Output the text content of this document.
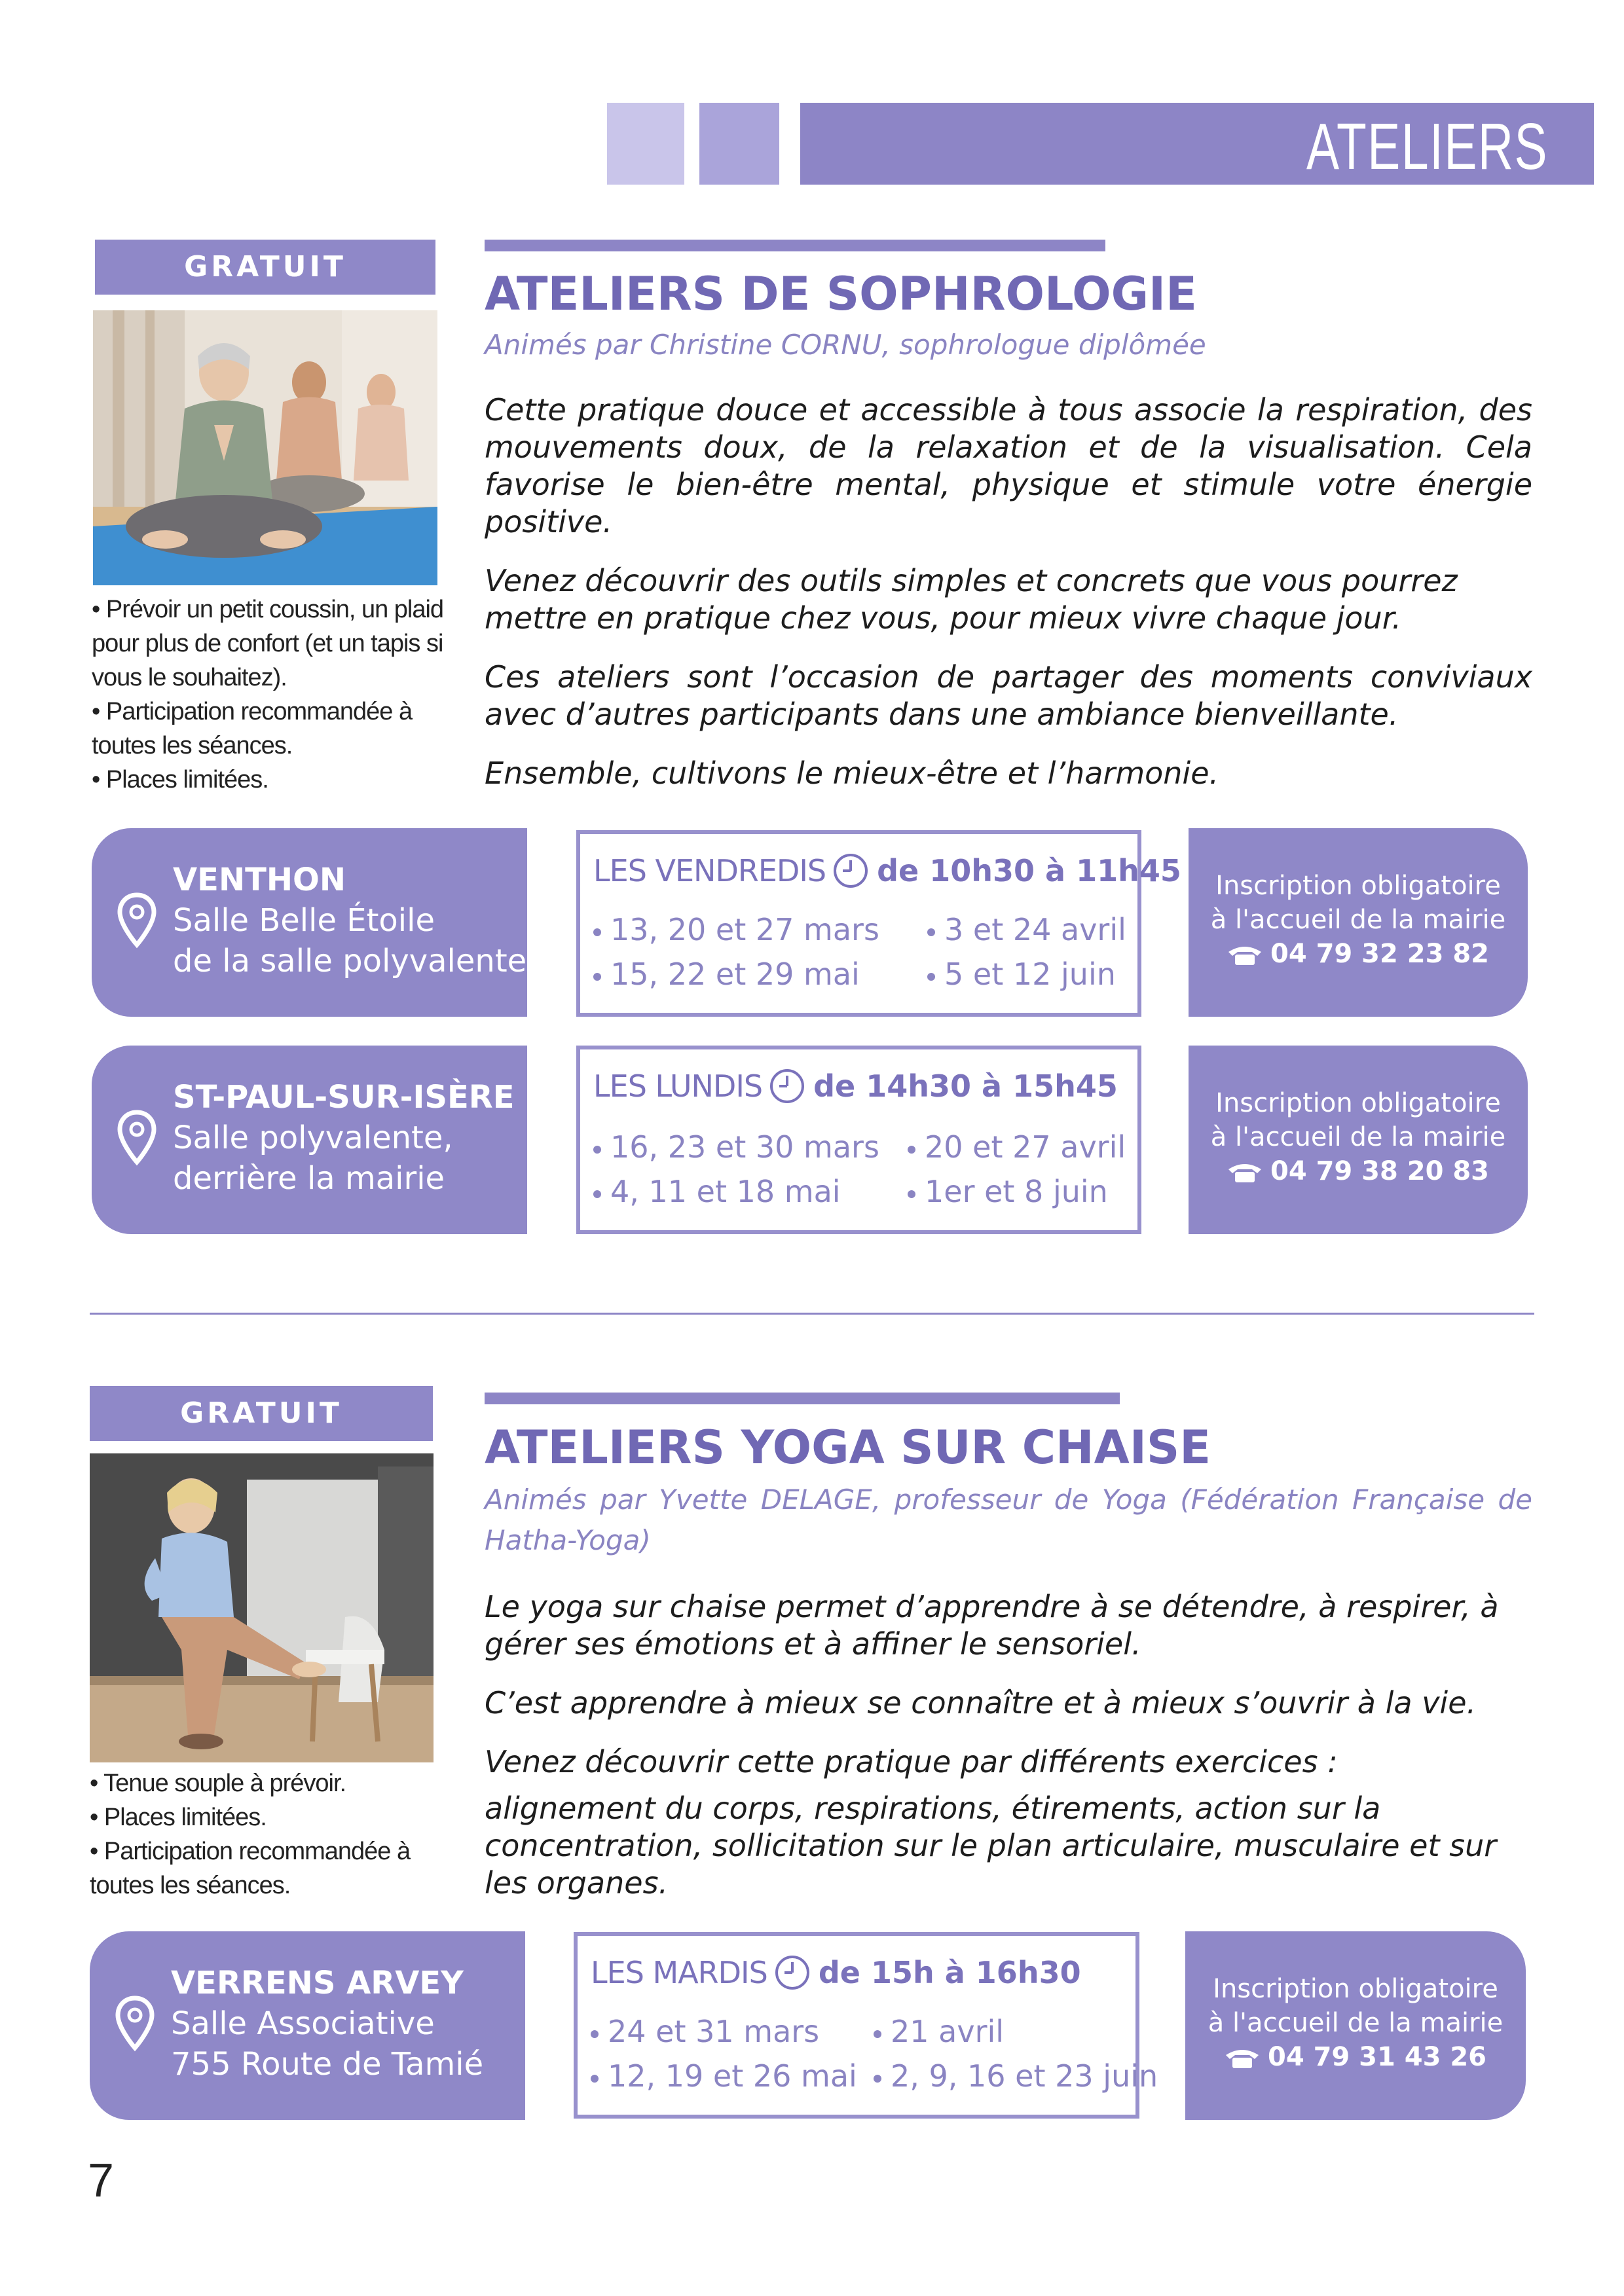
ATELIERS
GRATUIT

• Prévoir un petit coussin, un plaid pour plus de confort (et un tapis si vous le souhaitez).

• Participation recommandée à toutes les séances.

• Places limitées.

ATELIERS DE SOPHROLOGIE
Animés par Christine CORNU, sophrologue diplômée

Cette pratique douce et accessible à tous associe la respiration, des mouvements doux, de la relaxation et de la visualisation. Cela favorise le bien-être mental, physique et stimule votre énergie positive.

Venez découvrir des outils simples et concrets que vous pourrez mettre en pratique chez vous, pour mieux vivre chaque jour.

Ces ateliers sont l’occasion de partager des moments conviviaux avec d’autres participants dans une ambiance bienveillante.

Ensemble, cultivons le mieux-être et l’harmonie.

VENTHON
Salle Belle Étoile
de la salle polyvalente
LES VENDREDIS de 10h30 à 11h45
13, 20 et 27 mars
15, 22 et 29 mai
3 et 24 avril
5 et 12 juin
Inscription obligatoire
à l'accueil de la mairie
04 79 32 23 82
ST-PAUL-SUR-ISÈRE
Salle polyvalente,
derrière la mairie
LES LUNDIS de 14h30 à 15h45
16, 23 et 30 mars
4, 11 et 18 mai
20 et 27 avril
1er et 8 juin
Inscription obligatoire
à l'accueil de la mairie
04 79 38 20 83
GRATUIT

• Tenue souple à prévoir.

• Places limitées.

• Participation recommandée à toutes les séances.

ATELIERS YOGA SUR CHAISE
Animés par Yvette DELAGE, professeur de Yoga (Fédération Française de Hatha-Yoga)

Le yoga sur chaise permet d’apprendre à se détendre, à respirer, à gérer ses émotions et à affiner le sensoriel.

C’est apprendre à mieux se connaître et à mieux s’ouvrir à la vie.

Venez découvrir cette pratique par différents exercices :

alignement du corps, respirations, étirements, action sur la concentration, sollicitation sur le plan articulaire, musculaire et sur les organes.

VERRENS ARVEY
Salle Associative
755 Route de Tamié
LES MARDIS de 15h à 16h30
24 et 31 mars
12, 19 et 26 mai
21 avril
2, 9, 16 et 23 juin
Inscription obligatoire
à l'accueil de la mairie
04 79 31 43 26
7
